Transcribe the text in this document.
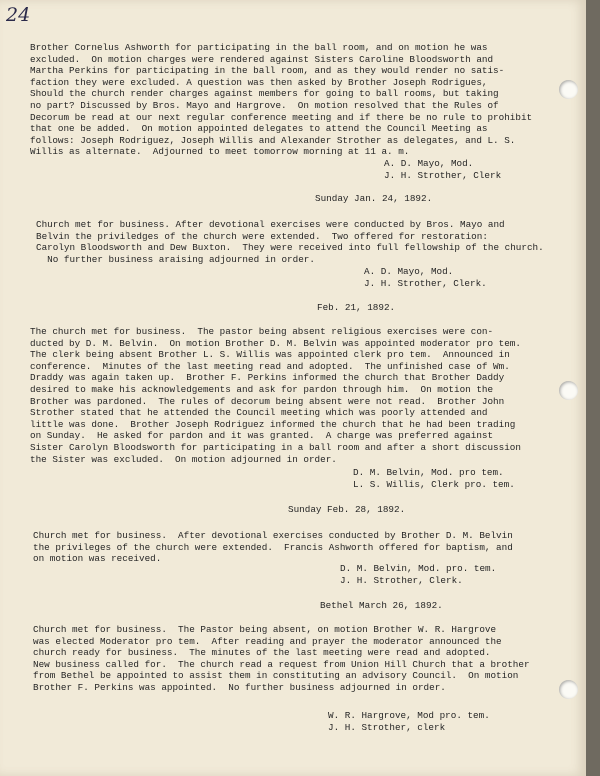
24
Brother Cornelus Ashworth for participating in the ball room, and on motion he was
excluded.  On motion charges were rendered against Sisters Caroline Bloodsworth and
Martha Perkins for participating in the ball room, and as they would render no satis-
faction they were excluded. A question was then asked by Brother Joseph Rodrigues,
Should the church render charges against members for going to ball rooms, but taking
no part? Discussed by Bros. Mayo and Hargrove.  On motion resolved that the Rules of
Decorum be read at our next regular conference meeting and if there be no rule to prohibit
that one be added.  On motion appointed delegates to attend the Council Meeting as
follows: Joseph Rodriguez, Joseph Willis and Alexander Strother as delegates, and L. S.
Willis as alternate.  Adjourned to meet tomorrow morning at 11 a. m.
A. D. Mayo, Mod.
J. H. Strother, Clerk
Sunday Jan. 24, 1892.
Church met for business. After devotional exercises were conducted by Bros. Mayo and
Belvin the priviledges of the church were extended.  Two offered for restoration:
Carolyn Bloodsworth and Dew Buxton.  They were received into full fellowship of the church.
No further business araising adjourned in order.
A. D. Mayo, Mod.
J. H. Strother, Clerk.
Feb. 21, 1892.
The church met for business.  The pastor being absent religious exercises were con-
ducted by D. M. Belvin.  On motion Brother D. M. Belvin was appointed moderator pro tem.
The clerk being absent Brother L. S. Willis was appointed clerk pro tem.  Announced in
conference.  Minutes of the last meeting read and adopted.  The unfinished case of Wm.
Draddy was again taken up.  Brother F. Perkins informed the church that Brother Daddy
desired to make his acknowledgements and ask for pardon through him.  On motion the
Brother was pardoned.  The rules of decorum being absent were not read.  Brother John
Strother stated that he attended the Council meeting which was poorly attended and
little was done.  Brother Joseph Rodriguez informed the church that he had been trading
on Sunday.  He asked for pardon and it was granted.  A charge was preferred against
Sister Carolyn Bloodsworth for participating in a ball room and after a short discussion
the Sister was excluded.  On motion adjourned in order.
D. M. Belvin, Mod. pro tem.
L. S. Willis, Clerk pro. tem.
Sunday Feb. 28, 1892.
Church met for business.  After devotional exercises conducted by Brother D. M. Belvin
the privileges of the church were extended.  Francis Ashworth offered for baptism, and
on motion was received.
D. M. Belvin, Mod. pro. tem.
J. H. Strother, Clerk.
Bethel March 26, 1892.
Church met for business.  The Pastor being absent, on motion Brother W. R. Hargrove
was elected Moderator pro tem.  After reading and prayer the moderator announced the
church ready for business.  The minutes of the last meeting were read and adopted.
New business called for.  The church read a request from Union Hill Church that a brother
from Bethel be appointed to assist them in constituting an advisory Council.  On motion
Brother F. Perkins was appointed.  No further business adjourned in order.
W. R. Hargrove, Mod pro. tem.
J. H. Strother, clerk
